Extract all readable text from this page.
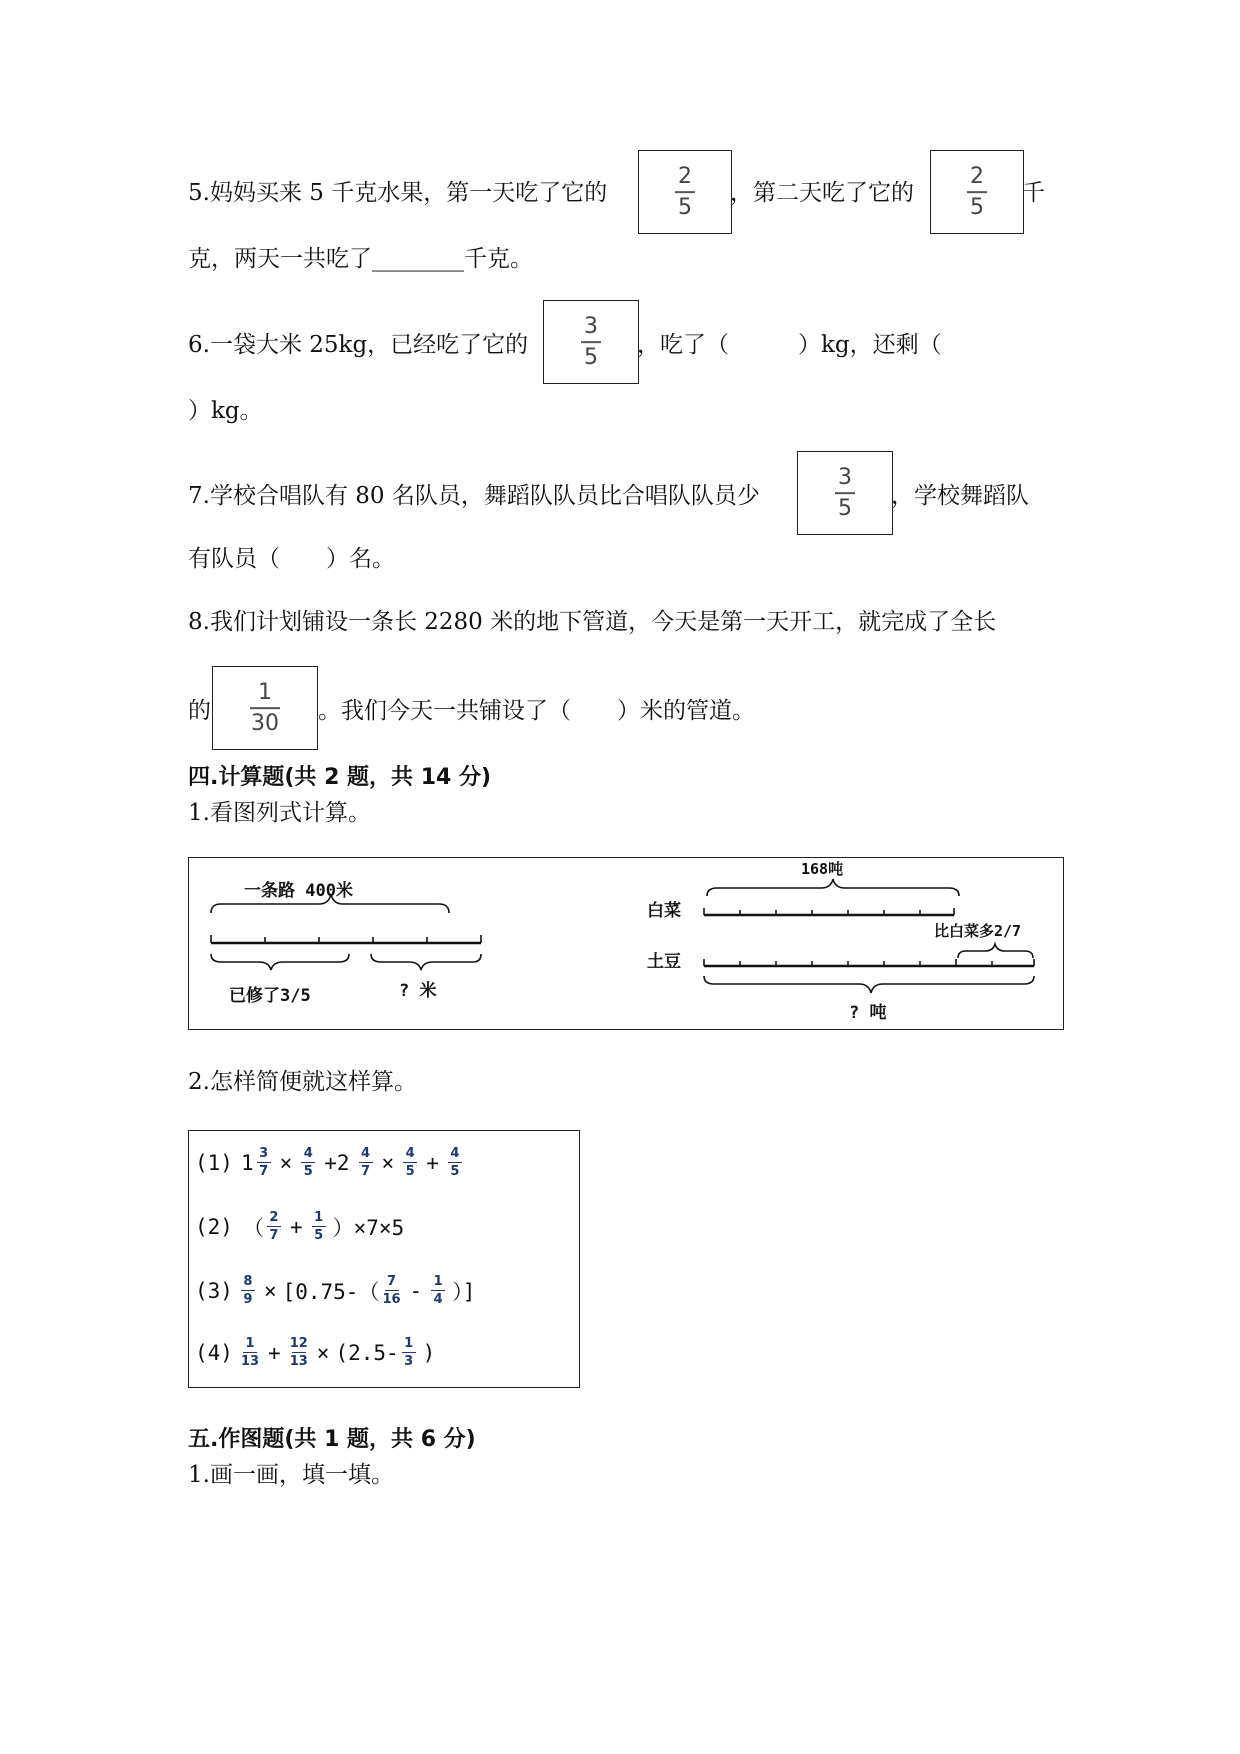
5.妈妈买来 5 千克水果，第一天吃了它的
2
5
，第二天吃了它的
2
5
千
克，两天一共吃了________千克。
6.一袋大米 25kg，已经吃了它的
3
5 ，吃了（　　　）kg，还剩（
）kg。
7.学校合唱队有 80 名队员，舞蹈队队员比合唱队队员少
3
5 ，学校舞蹈队
有队员（　　）名。
8.我们计划铺设一条长 2280 米的地下管道，今天是第一天开工，就完成了全长
的
1
30 。我们今天一共铺设了（　　）米的管道。
四.计算题(共 2 题，共 14 分)
1.看图列式计算。
一条路 400米
已修了3/5	? 米
168吨
白菜
土豆
比白菜多2/7
? 吨
2.怎样简便就这样算。
(1) 1 3
7 × 4
5 +2 4
7 × 4
5 + 4
5
(2) （ 2
7 + 1
5 ）×7×5
(3) 8
9 × [0.75-（ 7
16 - 1
4 ）]
(4) 1
13 + 12
13 × (2.5- 1
3 )
五.作图题(共 1 题，共 6 分)
1.画一画，填一填。
